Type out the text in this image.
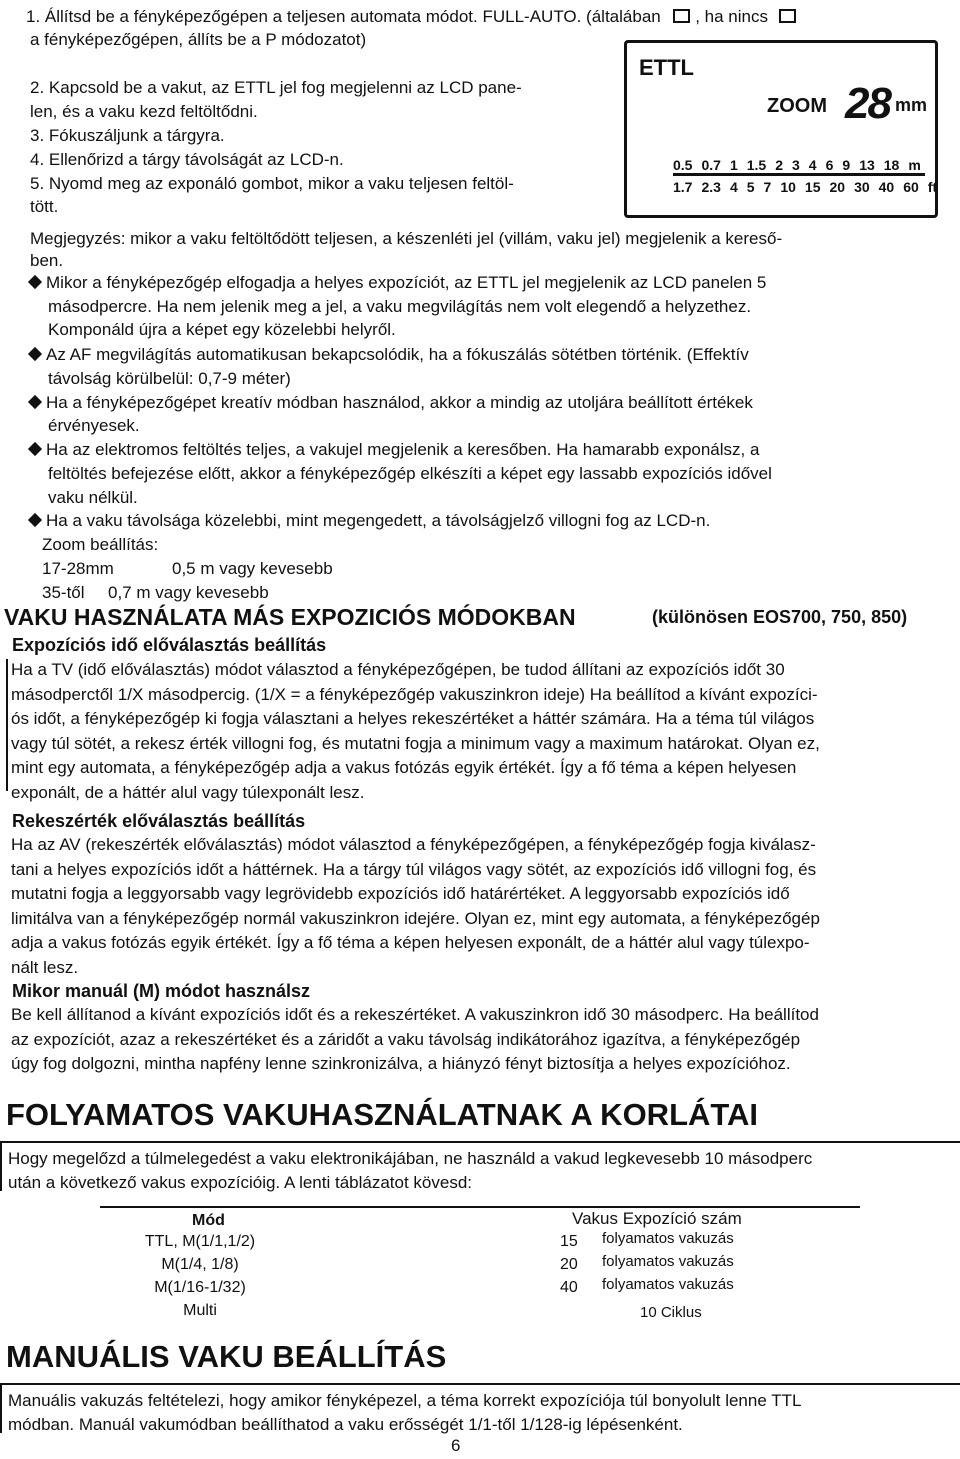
1. Állítsd be a fényképezőgépen a teljesen automata módot. FULL-AUTO. (általában , ha nincs
a fényképezőgépen, állíts be a P módozatot)
2. Kapcsold be a vakut, az ETTL jel fog megjelenni az LCD pane-
len, és a vaku kezd feltöltődni.
3. Fókuszáljunk a tárgyra.
4. Ellenőrizd a tárgy távolságát az LCD-n.
5. Nyomd meg az exponáló gombot, mikor a vaku teljesen feltöl-
tött.
ETTL
ZOOM 28 mm
0.5 0.7 1 1.5 2 3 4 6 9 13 18 m
1.7 2.3 4 5 7 10 15 20 30 40 60 ft
Megjegyzés: mikor a vaku feltöltődött teljesen, a készenléti jel (villám, vaku jel) megjelenik a kereső-
ben.
Mikor a fényképezőgép elfogadja a helyes expozíciót, az ETTL jel megjelenik az LCD panelen 5
másodpercre. Ha nem jelenik meg a jel, a vaku megvilágítás nem volt elegendő a helyzethez.
Komponáld újra a képet egy közelebbi helyről.
Az AF megvilágítás automatikusan bekapcsolódik, ha a fókuszálás sötétben történik. (Effektív
távolság körülbelül: 0,7-9 méter)
Ha a fényképezőgépet kreatív módban használod, akkor a mindig az utoljára beállított értékek
érvényesek.
Ha az elektromos feltöltés teljes, a vakujel megjelenik a keresőben. Ha hamarabb exponálsz, a
feltöltés befejezése előtt, akkor a fényképezőgép elkészíti a képet egy lassabb expozíciós idővel
vaku nélkül.
Ha a vaku távolsága közelebbi, mint megengedett, a távolságjelző villogni fog az LCD-n.
Zoom beállítás:
17-28mm	0,5 m vagy kevesebb
35-től 0,7 m vagy kevesebb
VAKU HASZNÁLATA MÁS EXPOZICIÓS MÓDOKBAN	(különösen EOS700, 750, 850)
Expozíciós idő előválasztás beállítás
Ha a TV (idő előválasztás) módot választod a fényképezőgépen, be tudod állítani az expozíciós időt 30
másodperctől 1/X másodpercig. (1/X = a fényképezőgép vakuszinkron ideje) Ha beállítod a kívánt expozíci-
ós időt, a fényképezőgép ki fogja választani a helyes rekeszértéket a háttér számára. Ha a téma túl világos
vagy túl sötét, a rekesz érték villogni fog, és mutatni fogja a minimum vagy a maximum határokat. Olyan ez,
mint egy automata, a fényképezőgép adja a vakus fotózás egyik értékét. Így a fő téma a képen helyesen
exponált, de a háttér alul vagy túlexponált lesz.
Rekeszérték előválasztás beállítás
Ha az AV (rekeszérték előválasztás) módot választod a fényképezőgépen, a fényképezőgép fogja kiválasz-
tani a helyes expozíciós időt a háttérnek. Ha a tárgy túl világos vagy sötét, az expozíciós idő villogni fog, és
mutatni fogja a leggyorsabb vagy legrövidebb expozíciós idő határértéket. A leggyorsabb expozíciós idő
limitálva van a fényképezőgép normál vakuszinkron idejére. Olyan ez, mint egy automata, a fényképezőgép
adja a vakus fotózás egyik értékét. Így a fő téma a képen helyesen exponált, de a háttér alul vagy túlexpo-
nált lesz.
Mikor manuál (M) módot használsz
Be kell állítanod a kívánt expozíciós időt és a rekeszértéket. A vakuszinkron idő 30 másodperc. Ha beállítod
az expozíciót, azaz a rekeszértéket és a záridőt a vaku távolság indikátorához igazítva, a fényképezőgép
úgy fog dolgozni, mintha napfény lenne szinkronizálva, a hiányzó fényt biztosítja a helyes expozícióhoz.
FOLYAMATOS VAKUHASZNÁLATNAK A KORLÁTAI
Hogy megelőzd a túlmelegedést a vaku elektronikájában, ne használd a vakud legkevesebb 10 másodperc
után a következő vakus expozícióig. A lenti táblázatot kövesd:
Mód	Vakus Expozíció szám
TTL, M(1/1,1/2)	15 folyamatos vakuzás
M(1/4, 1/8)	20 folyamatos vakuzás
M(1/16-1/32)	40 folyamatos vakuzás
Multi	10 Ciklus
MANUÁLIS VAKU BEÁLLÍTÁS
Manuális vakuzás feltételezi, hogy amikor fényképezel, a téma korrekt expozíciója túl bonyolult lenne TTL
módban. Manuál vakumódban beállíthatod a vaku erősségét 1/1-től 1/128-ig lépésenként.
6
